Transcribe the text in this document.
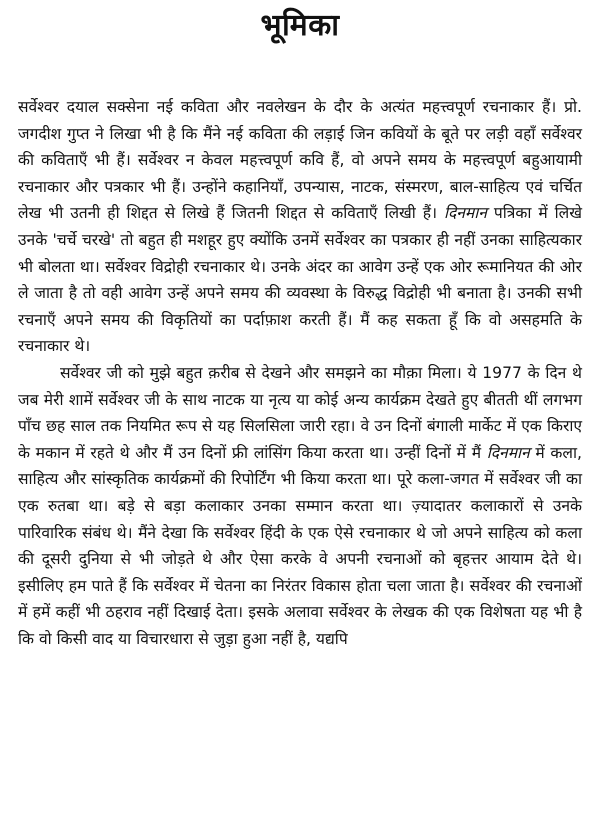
भूमिका

सर्वेश्वर दयाल सक्सेना नई कविता और नवलेखन के दौर के अत्यंत महत्त्वपूर्ण रचनाकार हैं। प्रो. जगदीश गुप्त ने लिखा भी है कि मैंने नई कविता की लड़ाई जिन कवियों के बूते पर लड़ी वहाँ सर्वेश्वर की कविताएँ भी हैं। सर्वेश्वर न केवल महत्त्वपूर्ण कवि हैं, वो अपने समय के महत्त्वपूर्ण बहुआयामी रचनाकार और पत्रकार भी हैं। उन्होंने कहानियाँ, उपन्यास, नाटक, संस्मरण, बाल-साहित्य एवं चर्चित लेख भी उतनी ही शिद्दत से लिखे हैं जितनी शिद्दत से कविताएँ लिखी हैं। दिनमान पत्रिका में लिखे उनके 'चर्चे चरखे' तो बहुत ही मशहूर हुए क्योंकि उनमें सर्वेश्वर का पत्रकार ही नहीं उनका साहित्यकार भी बोलता था। सर्वेश्वर विद्रोही रचनाकार थे। उनके अंदर का आवेग उन्हें एक ओर रूमानियत की ओर ले जाता है तो वही आवेग उन्हें अपने समय की व्यवस्था के विरुद्ध विद्रोही भी बनाता है। उनकी सभी रचनाएँ अपने समय की विकृतियों का पर्दाफ़ाश करती हैं। मैं कह सकता हूँ कि वो असहमति के रचनाकार थे।

सर्वेश्वर जी को मुझे बहुत क़रीब से देखने और समझने का मौक़ा मिला। ये 1977 के दिन थे जब मेरी शामें सर्वेश्वर जी के साथ नाटक या नृत्य या कोई अन्य कार्यक्रम देखते हुए बीतती थीं लगभग पाँच छह साल तक नियमित रूप से यह सिलसिला जारी रहा। वे उन दिनों बंगाली मार्केट में एक किराए के मकान में रहते थे और मैं उन दिनों फ्री लांसिंग किया करता था। उन्हीं दिनों में मैं दिनमान में कला, साहित्य और सांस्कृतिक कार्यक्रमों की रिपोर्टिंग भी किया करता था। पूरे कला-जगत में सर्वेश्वर जी का एक रुतबा था। बड़े से बड़ा कलाकार उनका सम्मान करता था। ज़्यादातर कलाकारों से उनके पारिवारिक संबंध थे। मैंने देखा कि सर्वेश्वर हिंदी के एक ऐसे रचनाकार थे जो अपने साहित्य को कला की दूसरी दुनिया से भी जोड़ते थे और ऐसा करके वे अपनी रचनाओं को बृहत्तर आयाम देते थे। इसीलिए हम पाते हैं कि सर्वेश्वर में चेतना का निरंतर विकास होता चला जाता है। सर्वेश्वर की रचनाओं में हमें कहीं भी ठहराव नहीं दिखाई देता। इसके अलावा सर्वेश्वर के लेखक की एक विशेषता यह भी है कि वो किसी वाद या विचारधारा से जुड़ा हुआ नहीं है, यद्यपि
